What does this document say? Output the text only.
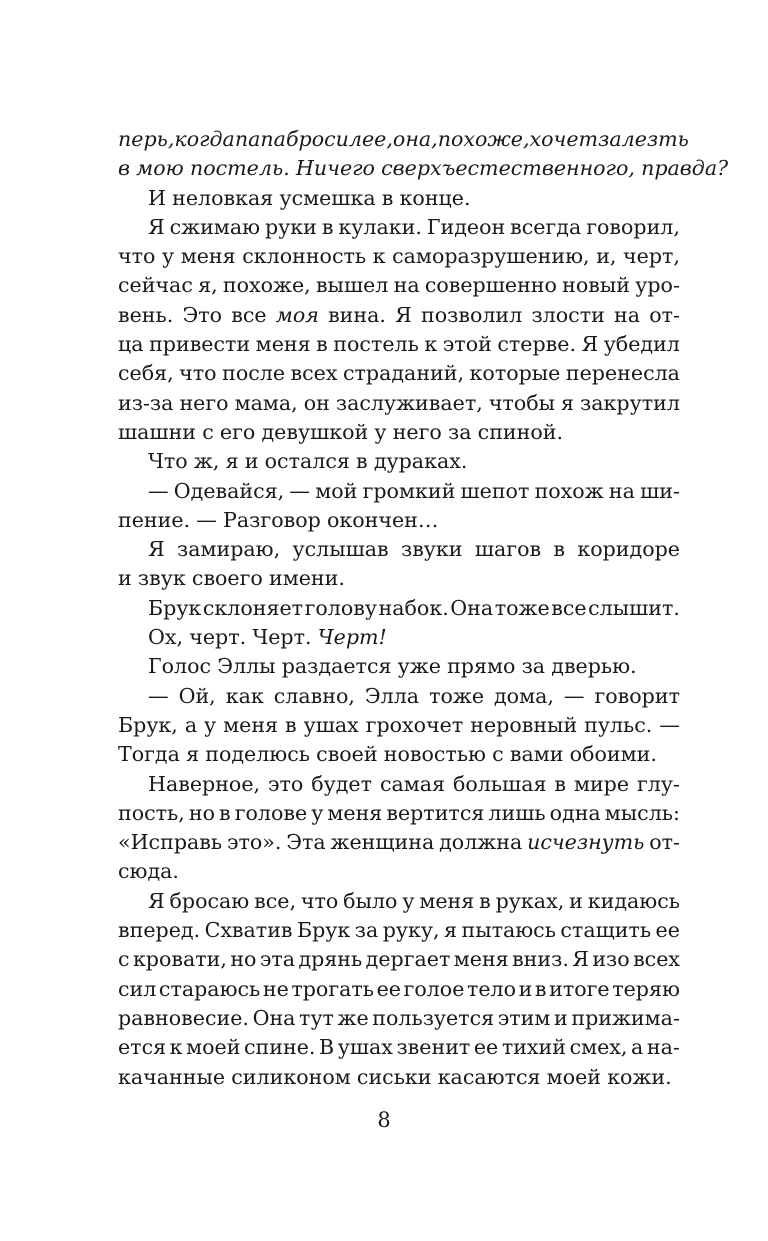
перь, когда папа бросил ее, она, похоже, хочет залезть
в мою постель. Ничего сверхъестественного, правда?
И неловкая усмешка в конце.
Я сжимаю руки в кулаки. Гидеон всегда говорил,
что у меня склонность к саморазрушению, и, черт,
сейчас я, похоже, вышел на совершенно новый уро-
вень. Это все моя вина. Я позволил злости на от-
ца привести меня в постель к этой стерве. Я убедил
себя, что после всех страданий, которые перенесла
из-за него мама, он заслуживает, чтобы я закрутил
шашни с его девушкой у него за спиной.
Что ж, я и остался в дураках.
— Одевайся, — мой громкий шепот похож на ши-
пение. — Разговор окончен…
Я замираю, услышав звуки шагов в коридоре
и звук своего имени.
Брук склоняет голову набок. Она тоже все слышит.
Ох, черт. Черт. Черт!
Голос Эллы раздается уже прямо за дверью.
— Ой, как славно, Элла тоже дома, — говорит
Брук, а у меня в ушах грохочет неровный пульс. —
Тогда я поделюсь своей новостью с вами обоими.
Наверное, это будет самая большая в мире глу-
пость, но в голове у меня вертится лишь одна мысль:
«Исправь это». Эта женщина должна исчезнуть от-
сюда.
Я бросаю все, что было у меня в руках, и кидаюсь
вперед. Схватив Брук за руку, я пытаюсь стащить ее
с кровати, но эта дрянь дергает меня вниз. Я изо всех
сил стараюсь не трогать ее голое тело и в итоге теряю
равновесие. Она тут же пользуется этим и прижима-
ется к моей спине. В ушах звенит ее тихий смех, а на-
качанные силиконом сиськи касаются моей кожи.
8
